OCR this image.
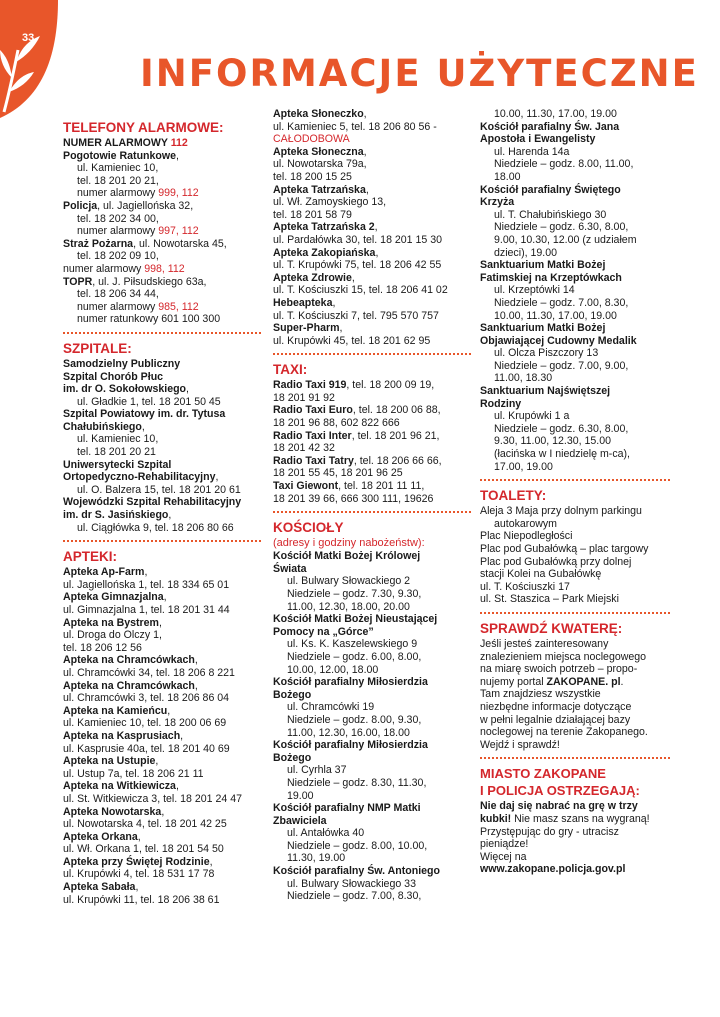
33
INFORMACJE UŻYTECZNE
TELEFONY ALARMOWE:
NUMER ALARMOWY 112
Pogotowie Ratunkowe,
ul. Kamieniec 10,
tel. 18 201 20 21,
numer alarmowy 999, 112
Policja, ul. Jagiellońska 32,
tel. 18 202 34 00,
numer alarmowy 997, 112
Straż Pożarna, ul. Nowotarska 45,
tel. 18 202 09 10,
numer alarmowy 998, 112
TOPR, ul. J. Piłsudskiego 63a,
tel. 18 206 34 44,
numer alarmowy 985, 112
numer ratunkowy 601 100 300
SZPITALE:
Samodzielny Publiczny
Szpital Chorób Płuc
im. dr O. Sokołowskiego,
ul. Gładkie 1, tel. 18 201 50 45
Szpital Powiatowy im. dr. Tytusa
Chałubińskiego,
ul. Kamieniec 10,
tel. 18 201 20 21
Uniwersytecki Szpital
Ortopedyczno-Rehabilitacyjny,
ul. O. Balzera 15, tel. 18 201 20 61
Wojewódzki Szpital Rehabilitacyjny
im. dr S. Jasińskiego,
ul. Ciągłówka 9, tel. 18 206 80 66
APTEKI:
Apteka Ap-Farm,
ul. Jagiellońska 1, tel. 18 334 65 01
Apteka Gimnazjalna,
ul. Gimnazjalna 1, tel. 18 201 31 44
Apteka na Bystrem,
ul. Droga do Olczy 1,
tel. 18 206 12 56
Apteka na Chramcówkach,
ul. Chramcówki 34, tel. 18 206 8 221
Apteka na Chramcówkach,
ul. Chramcówki 3, tel. 18 206 86 04
Apteka na Kamieńcu,
ul. Kamieniec 10, tel. 18 200 06 69
Apteka na Kasprusiach,
ul. Kasprusie 40a, tel. 18 201 40 69
Apteka na Ustupie,
ul. Ustup 7a, tel. 18 206 21 11
Apteka na Witkiewicza,
ul. St. Witkiewicza 3, tel. 18 201 24 47
Apteka Nowotarska,
ul. Nowotarska 4, tel. 18 201 42 25
Apteka Orkana,
ul. Wł. Orkana 1, tel. 18 201 54 50
Apteka przy Świętej Rodzinie,
ul. Krupówki 4, tel. 18 531 17 78
Apteka Sabała,
ul. Krupówki 11, tel. 18 206 38 61
Apteka Słoneczko,
ul. Kamieniec 5, tel. 18 206 80 56 -
CAŁODOBOWA
Apteka Słoneczna,
ul. Nowotarska 79a,
tel. 18 200 15 25
Apteka Tatrzańska,
ul. Wł. Zamoyskiego 13,
tel. 18 201 58 79
Apteka Tatrzańska 2,
ul. Pardałówka 30, tel. 18 201 15 30
Apteka Zakopiańska,
ul. T. Krupówki 75, tel. 18 206 42 55
Apteka Zdrowie,
ul. T. Kościuszki 15, tel. 18 206 41 02
Hebeapteka,
ul. T. Kościuszki 7, tel. 795 570 757
Super-Pharm,
ul. Krupówki 45, tel. 18 201 62 95
TAXI:
Radio Taxi 919, tel. 18 200 09 19,
18 201 91 92
Radio Taxi Euro, tel. 18 200 06 88,
18 201 96 88, 602 822 666
Radio Taxi Inter, tel. 18 201 96 21,
18 201 42 32
Radio Taxi Tatry, tel. 18 206 66 66,
18 201 55 45, 18 201 96 25
Taxi Giewont, tel. 18 201 11 11,
18 201 39 66, 666 300 111, 19626
KOŚCIOŁY
(adresy i godziny nabożeństw):
Kościół Matki Bożej Królowej
Świata
ul. Bulwary Słowackiego 2
Niedziele – godz. 7.30, 9.30,
11.00, 12.30, 18.00, 20.00
Kościół Matki Bożej Nieustającej
Pomocy na „Górce”
ul. Ks. K. Kaszelewskiego 9
Niedziele – godz. 6.00, 8.00,
10.00, 12.00, 18.00
Kościół parafialny Miłosierdzia
Bożego
ul. Chramcówki 19
Niedziele – godz. 8.00, 9.30,
11.00, 12.30, 16.00, 18.00
Kościół parafialny Miłosierdzia
Bożego
ul. Cyrhla 37
Niedziele – godz. 8.30, 11.30,
19.00
Kościół parafialny NMP Matki
Zbawiciela
ul. Antałówka 40
Niedziele – godz. 8.00, 10.00,
11.30, 19.00
Kościół parafialny Św. Antoniego
ul. Bulwary Słowackiego 33
Niedziele – godz. 7.00, 8.30,
10.00, 11.30, 17.00, 19.00
Kościół parafialny Św. Jana
Apostoła i Ewangelisty
ul. Harenda 14a
Niedziele – godz. 8.00, 11.00,
18.00
Kościół parafialny Świętego
Krzyża
ul. T. Chałubińskiego 30
Niedziele – godz. 6.30, 8.00,
9.00, 10.30, 12.00 (z udziałem
dzieci), 19.00
Sanktuarium Matki Bożej
Fatimskiej na Krzeptówkach
ul. Krzeptówki 14
Niedziele – godz. 7.00, 8.30,
10.00, 11.30, 17.00, 19.00
Sanktuarium Matki Bożej
Objawiającej Cudowny Medalik
ul. Olcza Piszczory 13
Niedziele – godz. 7.00, 9.00,
11.00, 18.30
Sanktuarium Najświętszej
Rodziny
ul. Krupówki 1 a
Niedziele – godz. 6.30, 8.00,
9.30, 11.00, 12.30, 15.00
(łacińska w I niedzielę m-ca),
17.00, 19.00
TOALETY:
Aleja 3 Maja przy dolnym parkingu
autokarowym
Plac Niepodległości
Plac pod Gubałówką – plac targowy
Plac pod Gubałówką przy dolnej
stacji Kolei na Gubałówkę
ul. T. Kościuszki 17
ul. St. Staszica – Park Miejski
SPRAWDŹ KWATERĘ:
Jeśli jesteś zainteresowany
znalezieniem miejsca noclegowego
na miarę swoich potrzeb – propo-
nujemy portal ZAKOPANE. pl.
Tam znajdziesz wszystkie
niezbędne informacje dotyczące
w pełni legalnie działającej bazy
noclegowej na terenie Zakopanego.
Wejdź i sprawdź!
MIASTO ZAKOPANE
I POLICJA OSTRZEGAJĄ:
Nie daj się nabrać na grę w trzy
kubki! Nie masz szans na wygraną!
Przystępując do gry - utracisz
pieniądze!
Więcej na
www.zakopane.policja.gov.pl
